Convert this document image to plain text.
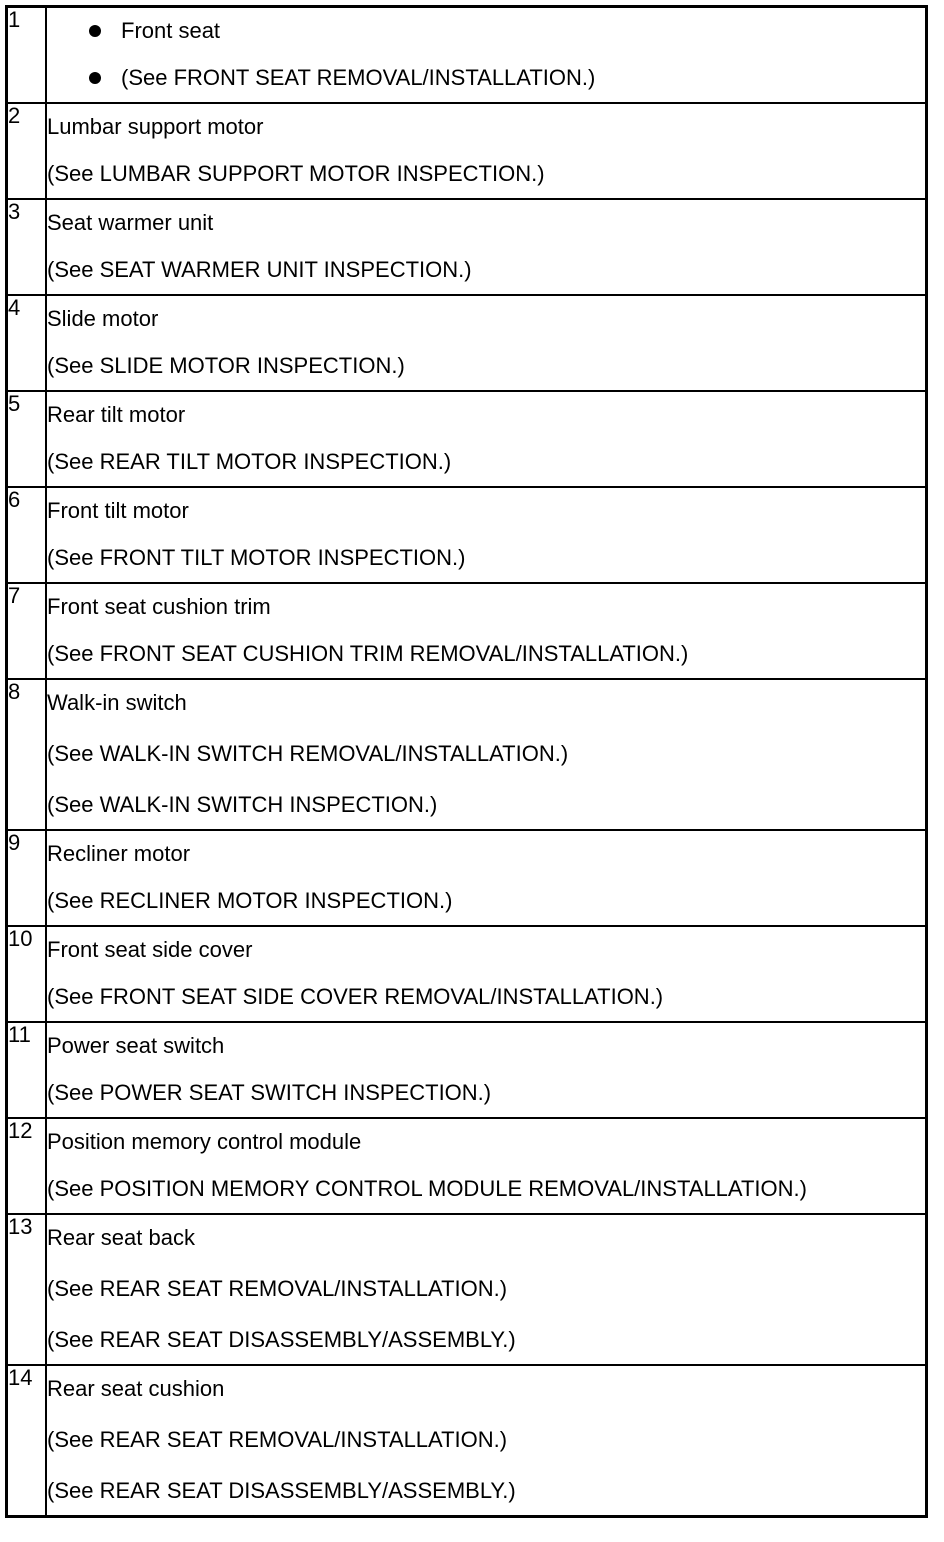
1	Front seat
(See FRONT SEAT REMOVAL/INSTALLATION.)

2	Lumbar support motor
(See LUMBAR SUPPORT MOTOR INSPECTION.)

3	Seat warmer unit
(See SEAT WARMER UNIT INSPECTION.)

4	Slide motor
(See SLIDE MOTOR INSPECTION.)

5	Rear tilt motor
(See REAR TILT MOTOR INSPECTION.)

6	Front tilt motor
(See FRONT TILT MOTOR INSPECTION.)

7	Front seat cushion trim
(See FRONT SEAT CUSHION TRIM REMOVAL/INSTALLATION.)

8	Walk-in switch
(See WALK-IN SWITCH REMOVAL/INSTALLATION.)
(See WALK-IN SWITCH INSPECTION.)

9	Recliner motor
(See RECLINER MOTOR INSPECTION.)

10	Front seat side cover
(See FRONT SEAT SIDE COVER REMOVAL/INSTALLATION.)

11	Power seat switch
(See POWER SEAT SWITCH INSPECTION.)

12	Position memory control module
(See POSITION MEMORY CONTROL MODULE REMOVAL/INSTALLATION.)

13	Rear seat back
(See REAR SEAT REMOVAL/INSTALLATION.)
(See REAR SEAT DISASSEMBLY/ASSEMBLY.)

14	Rear seat cushion
(See REAR SEAT REMOVAL/INSTALLATION.)
(See REAR SEAT DISASSEMBLY/ASSEMBLY.)
